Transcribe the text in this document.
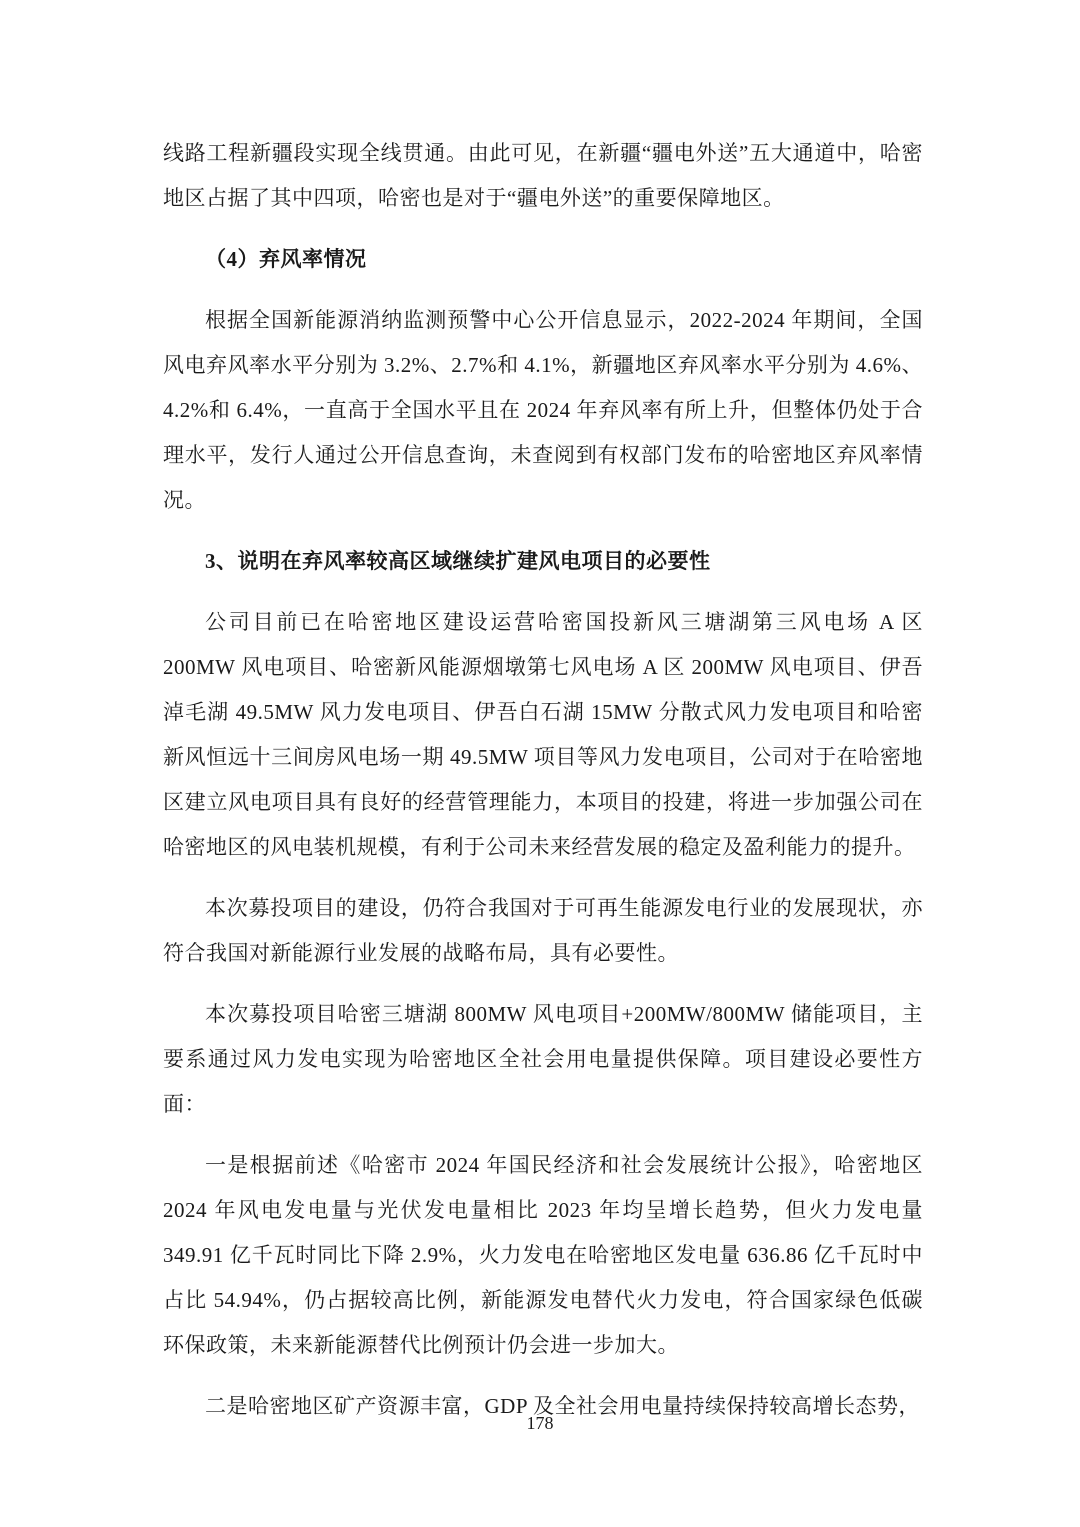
线路工程新疆段实现全线贯通。由此可见，在新疆“疆电外送”五大通道中，哈密地区占据了其中四项，哈密也是对于“疆电外送”的重要保障地区。

（4）弃风率情况

根据全国新能源消纳监测预警中心公开信息显示，2022-2024 年期间，全国风电弃风率水平分别为 3.2%、2.7%和 4.1%，新疆地区弃风率水平分别为 4.6%、4.2%和 6.4%，一直高于全国水平且在 2024 年弃风率有所上升，但整体仍处于合理水平，发行人通过公开信息查询，未查阅到有权部门发布的哈密地区弃风率情况。

3、说明在弃风率较高区域继续扩建风电项目的必要性

公司目前已在哈密地区建设运营哈密国投新风三塘湖第三风电场 A 区 200MW 风电项目、哈密新风能源烟墩第七风电场 A 区 200MW 风电项目、伊吾淖毛湖 49.5MW 风力发电项目、伊吾白石湖 15MW 分散式风力发电项目和哈密新风恒远十三间房风电场一期 49.5MW 项目等风力发电项目，公司对于在哈密地区建立风电项目具有良好的经营管理能力，本项目的投建，将进一步加强公司在哈密地区的风电装机规模，有利于公司未来经营发展的稳定及盈利能力的提升。

本次募投项目的建设，仍符合我国对于可再生能源发电行业的发展现状，亦符合我国对新能源行业发展的战略布局，具有必要性。

本次募投项目哈密三塘湖 800MW 风电项目+200MW/800MW 储能项目，主要系通过风力发电实现为哈密地区全社会用电量提供保障。项目建设必要性方面：

一是根据前述《哈密市 2024 年国民经济和社会发展统计公报》，哈密地区 2024 年风电发电量与光伏发电量相比 2023 年均呈增长趋势，但火力发电量 349.91 亿千瓦时同比下降 2.9%，火力发电在哈密地区发电量 636.86 亿千瓦时中占比 54.94%，仍占据较高比例，新能源发电替代火力发电，符合国家绿色低碳环保政策，未来新能源替代比例预计仍会进一步加大。

二是哈密地区矿产资源丰富，GDP 及全社会用电量持续保持较高增长态势，

178
